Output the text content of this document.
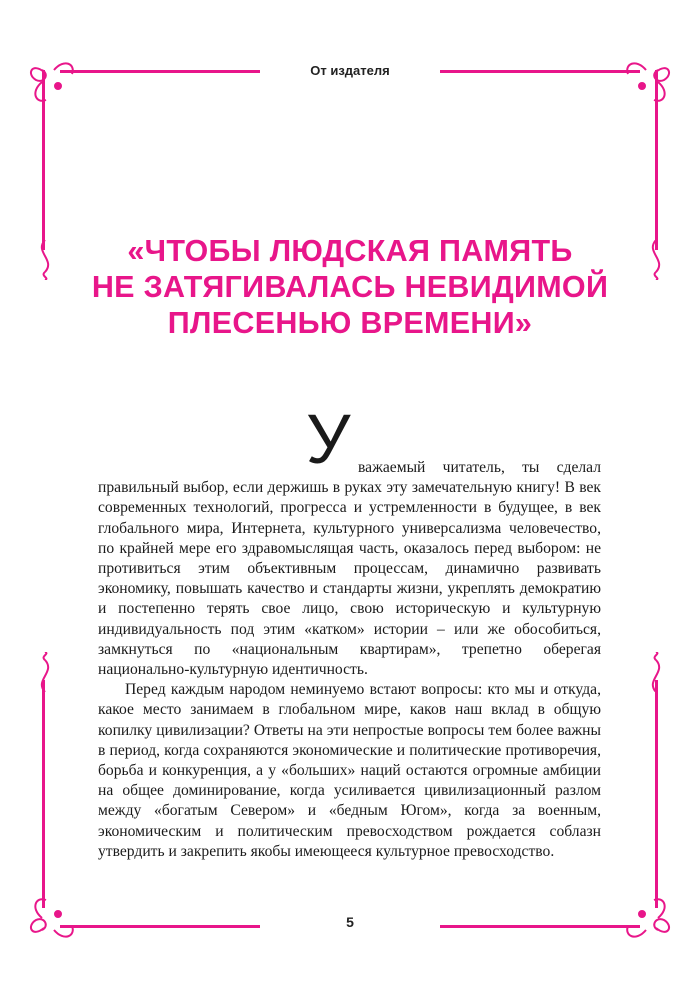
От издателя
«ЧТОБЫ ЛЮДСКАЯ ПАМЯТЬ
НЕ ЗАТЯГИВАЛАСЬ НЕВИДИМОЙ
ПЛЕСЕНЬЮ ВРЕМЕНИ»
У важаемый читатель, ты сделал
правильный выбор, если держишь в руках эту замечательную книгу! В век современных технологий, прогресса и устремленности в будущее, в век глобального мира, Интернета, культурного универсализма человечество, по крайней мере его здравомыслящая часть, оказалось перед выбором: не противиться этим объективным процессам, динамично развивать экономику, повышать качество и стандарты жизни, укреплять демократию и постепенно терять свое лицо, свою историческую и культурную индивидуальность под этим «катком» истории – или же обособиться, замкнуться по «национальным квартирам», трепетно оберегая национально-культурную идентичность.

Перед каждым народом неминуемо встают вопросы: кто мы и откуда, какое место занимаем в глобальном мире, каков наш вклад в общую копилку цивилизации? Ответы на эти непростые вопросы тем более важны в период, когда сохраняются экономические и политические противоречия, борьба и конкуренция, а у «больших» наций остаются огромные амбиции на общее доминирование, когда усиливается цивилизационный разлом между «богатым Севером» и «бедным Югом», когда за военным, экономическим и политическим превосходством рождается соблазн утвердить и закрепить якобы имеющееся культурное превосходство.

5
